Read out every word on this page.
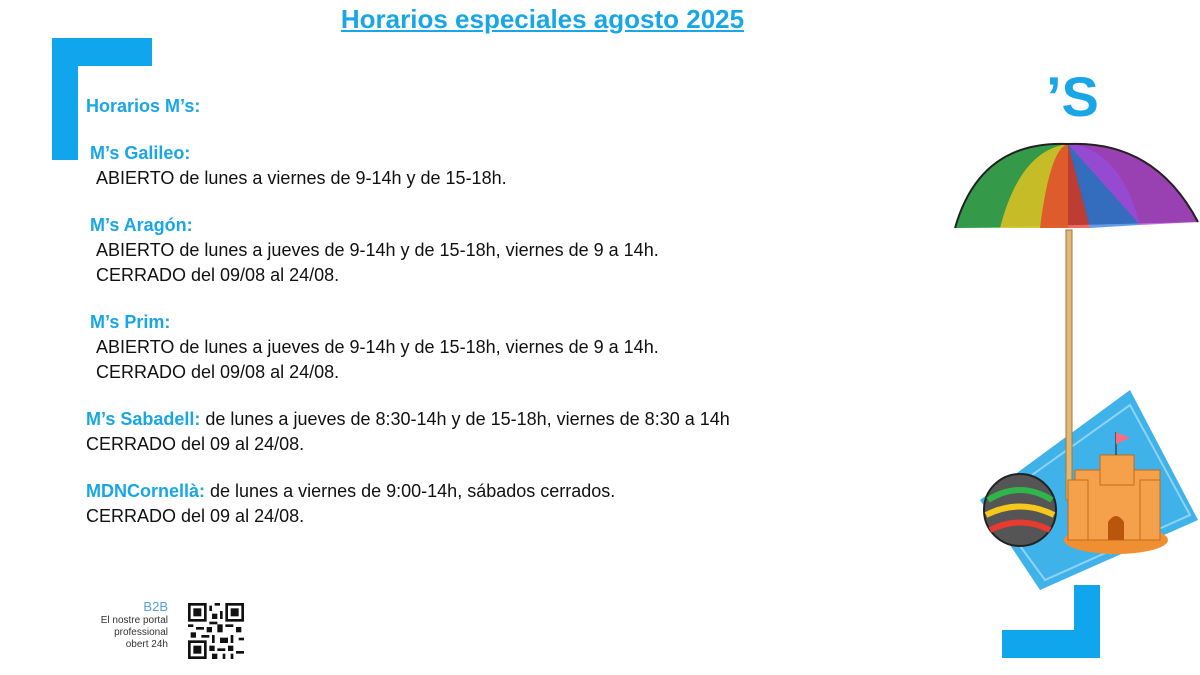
Horarios especiales agosto 2025
Horarios M’s:
M’s Galileo:
ABIERTO de lunes a viernes de 9-14h y de 15-18h.
M’s Aragón:
ABIERTO de lunes a jueves de 9-14h y de 15-18h, viernes de 9 a 14h.
CERRADO del 09/08 al 24/08.
M’s Prim:
ABIERTO de lunes a jueves de 9-14h y de 15-18h, viernes de 9 a 14h.
CERRADO del 09/08 al 24/08.
M’s Sabadell: de lunes a jueves de 8:30-14h y de 15-18h, viernes de 8:30 a 14h
CERRADO del 09 al 24/08.
MDNCornellà: de lunes a viernes de 9:00-14h, sábados cerrados.
CERRADO del 09 al 24/08.
B2B
El nostre portal
professional
obert 24h
’S
